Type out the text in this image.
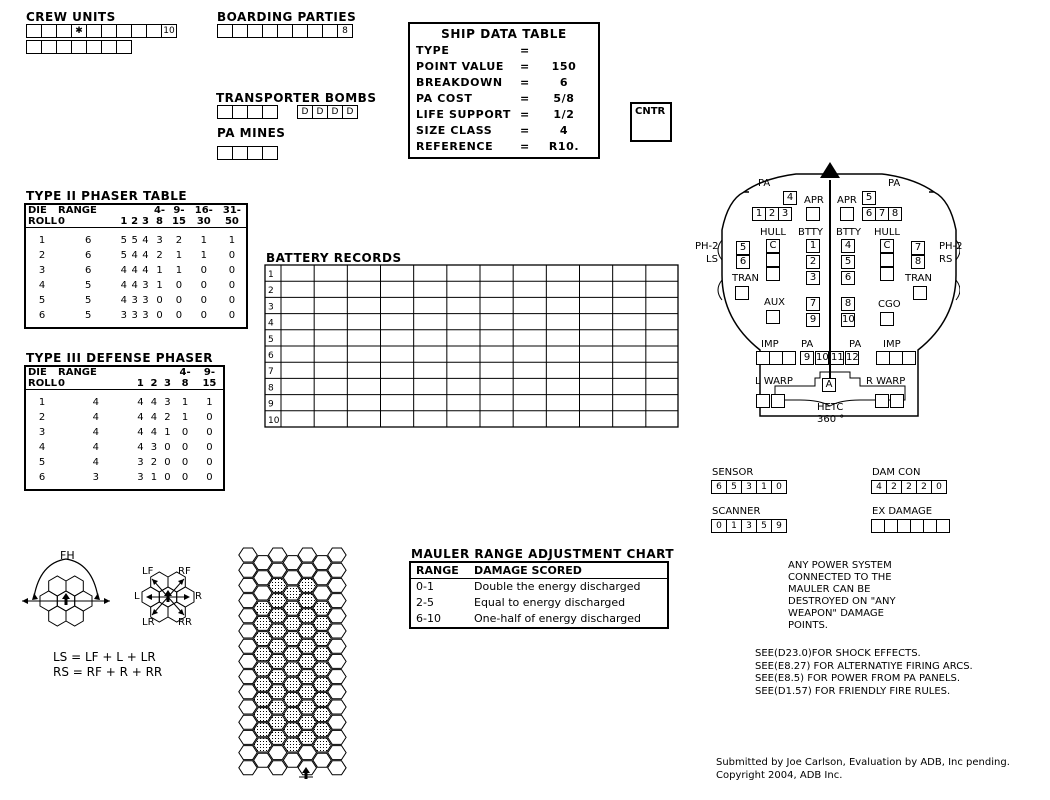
CREW UNITS
✱	10
BOARDING PARTIES
8
TRANSPORTER BOMBS
D D D D
PA MINES
SHIP DATA TABLE
TYPE	=
POINT VALUE	=	150
BREAKDOWN	=	6
PA COST	=	5/8
LIFE SUPPORT =	1/2
SIZE CLASS	=	4
REFERENCE	=	R10.
CNTR
TYPE II PHASER TABLE
DIE	RANGE				4-	9-	16-	31-
ROLL	0	1	2	3	8	15	30	50

1	6	5	5	4	3	2	1	1
2	6	5	4	4	2	1	1	0
3	6	4	4	4	1	1	0	0
4	5	4	4	3	1	0	0	0
5	5	4	3	3	0	0	0	0
6	5	3	3	3	0	0	0	0
TYPE III DEFENSE PHASER
DIE	RANGE				4-	9-
ROLL	0	1	2	3	8	15

1	4	4	4	3	1	1
2	4	4	4	2	1	0
3	4	4	4	1	0	0
4	4	4	3	0	0	0
5	4	3	2	0	0	0
6	3	3	1	0	0	0
BATTERY RECORDS
1
2
3
4
5
6
7
8
9
10
PA	PA
APR APR
4	5
1 2 3	6 7 8
HULL BTTY BTTY HULL
PH-2
LS
PH-2
RS
5
6
7
8
C	C
1
2
3
4
5
6
TRAN	TRAN
AUX	CGO
7
9
8
10
IMP	IMP
PA	PA
9 10 11 12
L WARP	R WARP
A
HETC
360 °
SENSOR
6	5	3	1	0
SCANNER
0	1	3	5	9
DAM CON
4	2	2	2	0
EX DAMAGE
MAULER RANGE ADJUSTMENT CHART
RANGE	DAMAGE SCORED
0-1	Double the energy discharged
2-5	Equal to energy discharged
6-10	One-half of energy discharged
ANY POWER SYSTEM
CONNECTED TO THE
MAULER CAN BE
DESTROYED ON "ANY
WEAPON" DAMAGE
POINTS.
SEE(D23.0)FOR SHOCK EFFECTS.
SEE(E8.27) FOR ALTERNATIYE FIRING ARCS.
SEE(E8.5) FOR POWER FROM PA PANELS.
SEE(D1.57) FOR FRIENDLY FIRE RULES.
Submitted by Joe Carlson, Evaluation by ADB, Inc pending.
Copyright 2004, ADB Inc.
FH
LF RF
L	R
LR RR
LS = LF + L + LR
RS = RF + R + RR
